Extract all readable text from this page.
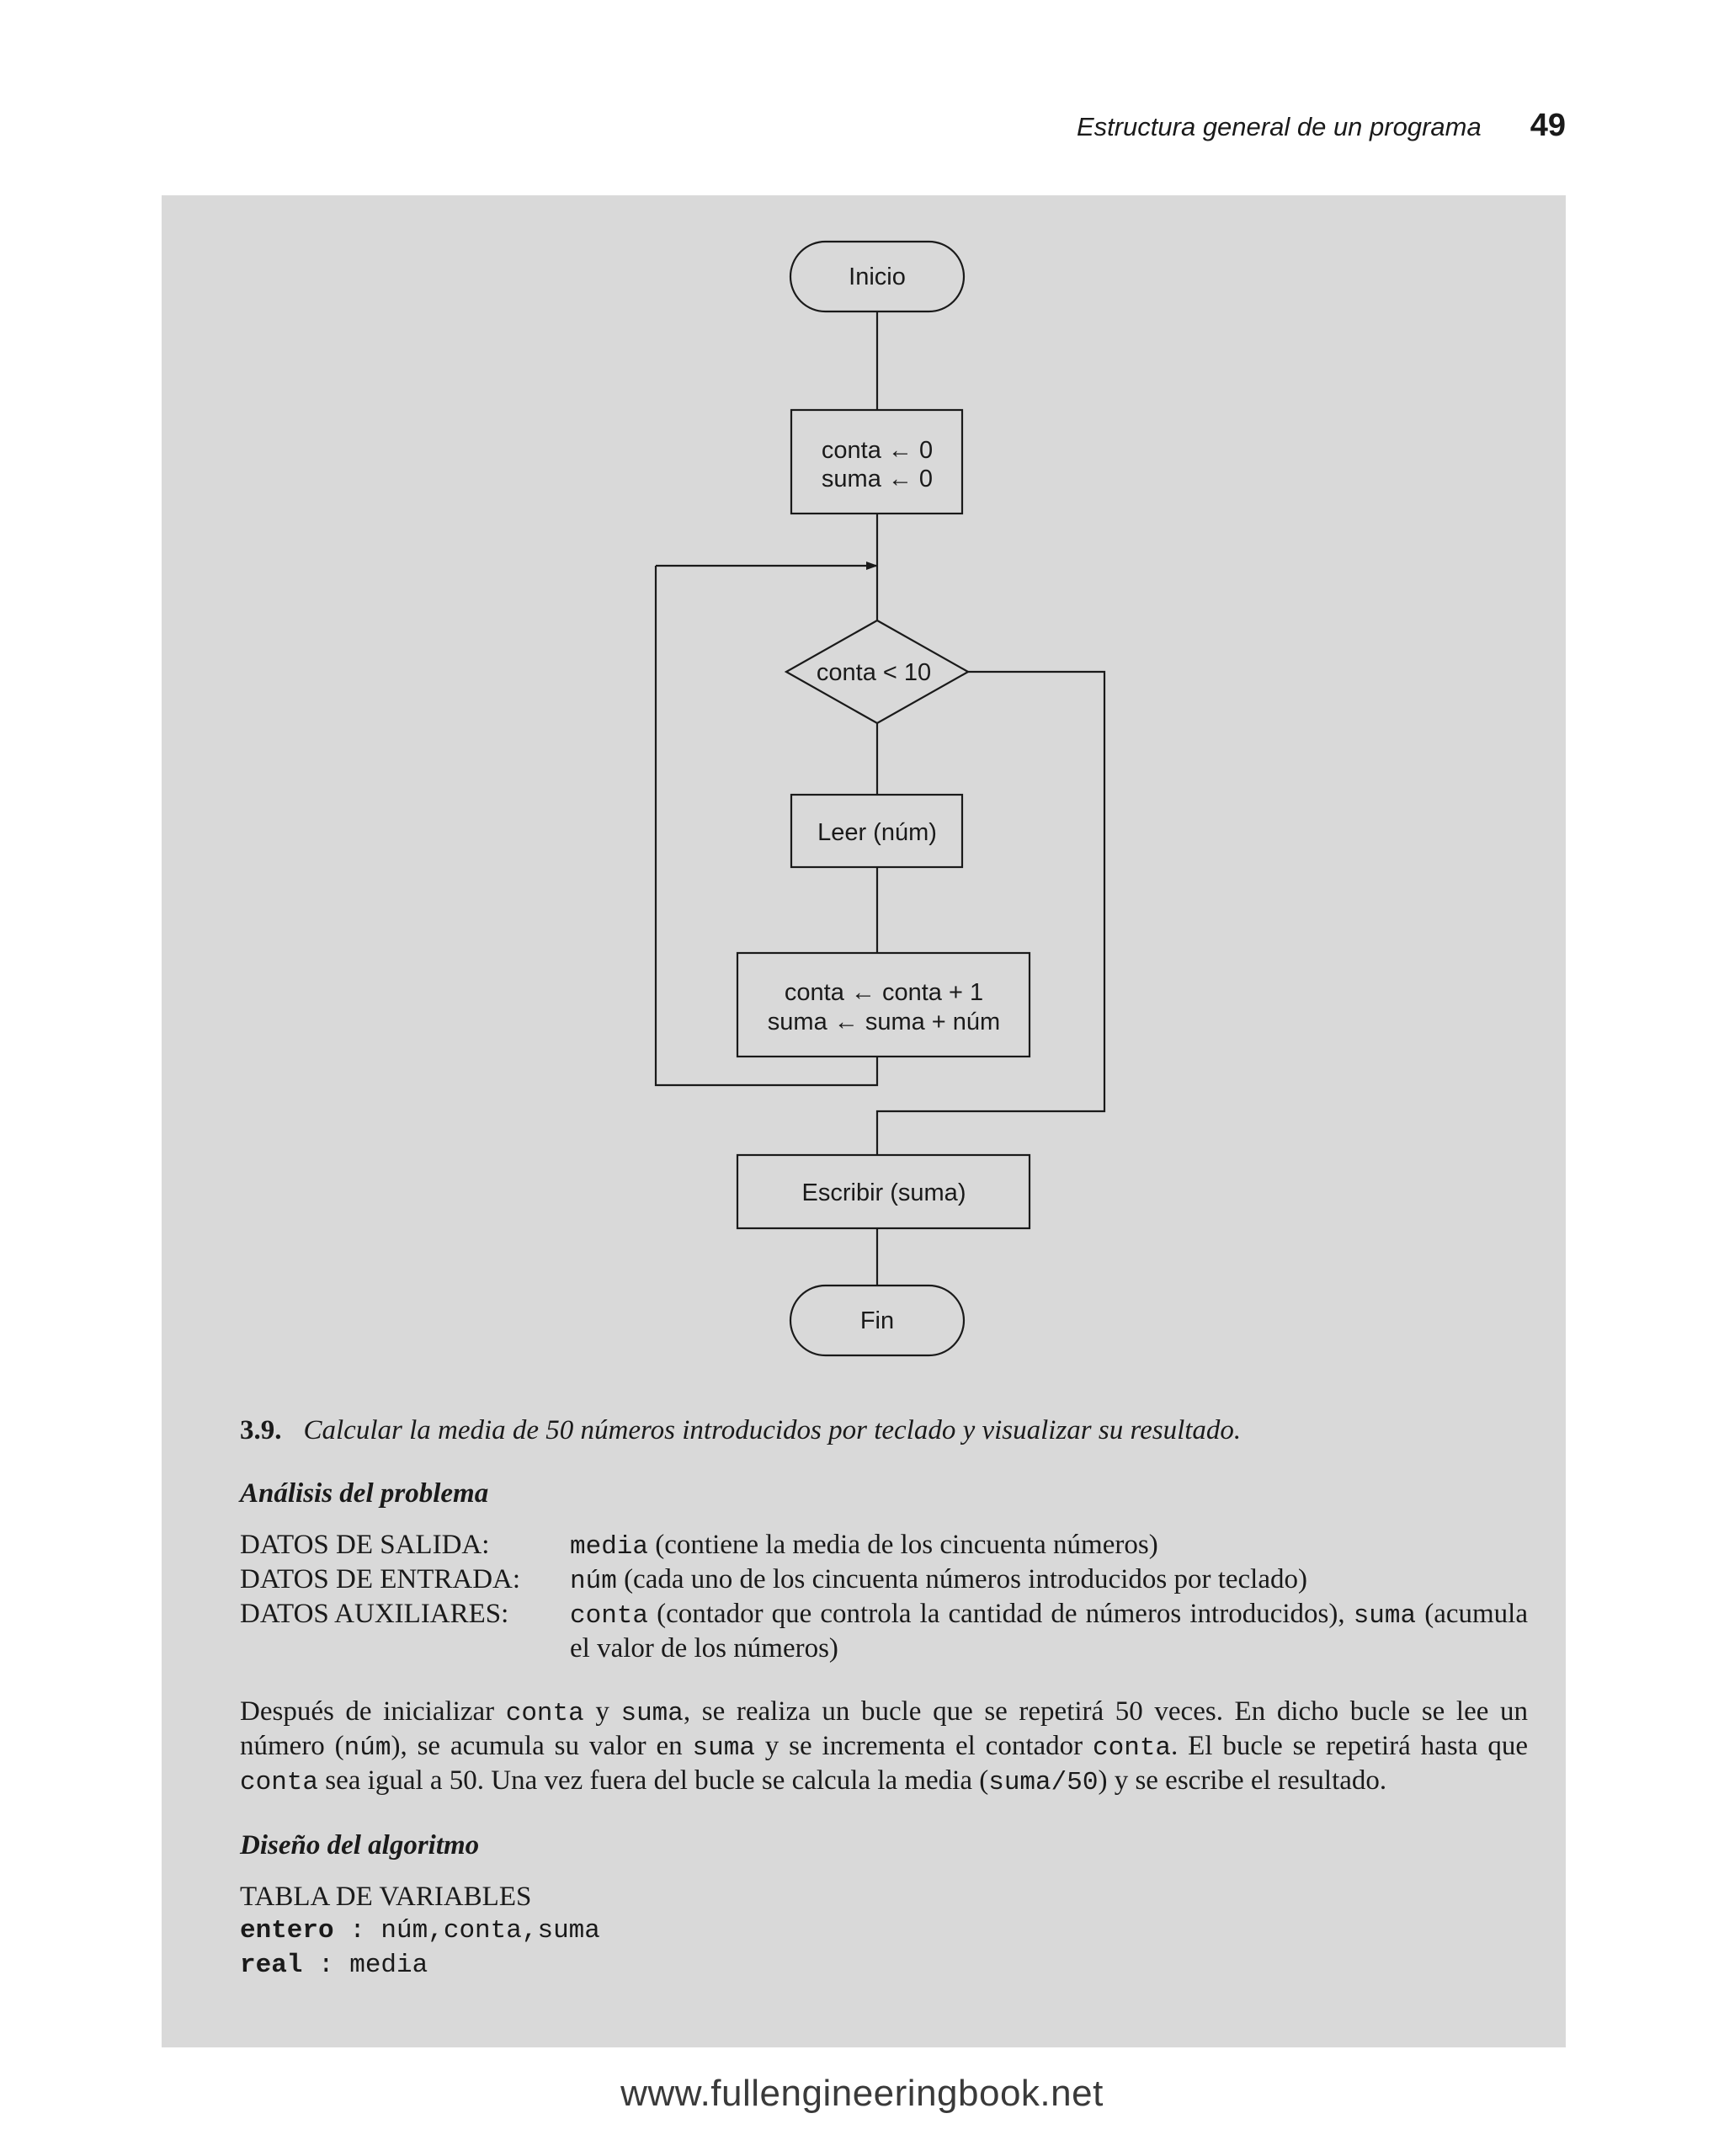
Estructura general de un programa 49
Inicio
conta ← 0
suma ← 0
conta < 10
Leer (núm)
conta ← conta + 1
suma ← suma + núm
Escribir (suma)
Fin

3.9. Calcular la media de 50 números introducidos por teclado y visualizar su resultado.

Análisis del problema

DATOS DE SALIDA:	media (contiene la media de los cincuenta números)
DATOS DE ENTRADA:	núm (cada uno de los cincuenta números introducidos por teclado)
DATOS AUXILIARES:	conta (contador que controla la cantidad de números introducidos), suma (acumula el valor de los números)

Después de inicializar conta y suma, se realiza un bucle que se repetirá 50 veces. En dicho bucle se lee un número (núm), se acumula su valor en suma y se incrementa el contador conta. El bucle se repetirá hasta que conta sea igual a 50. Una vez fuera del bucle se calcula la media (suma/50) y se escribe el resultado.

Diseño del algoritmo

TABLA DE VARIABLES
entero : núm,conta,suma
real : media
www.fullengineeringbook.net
